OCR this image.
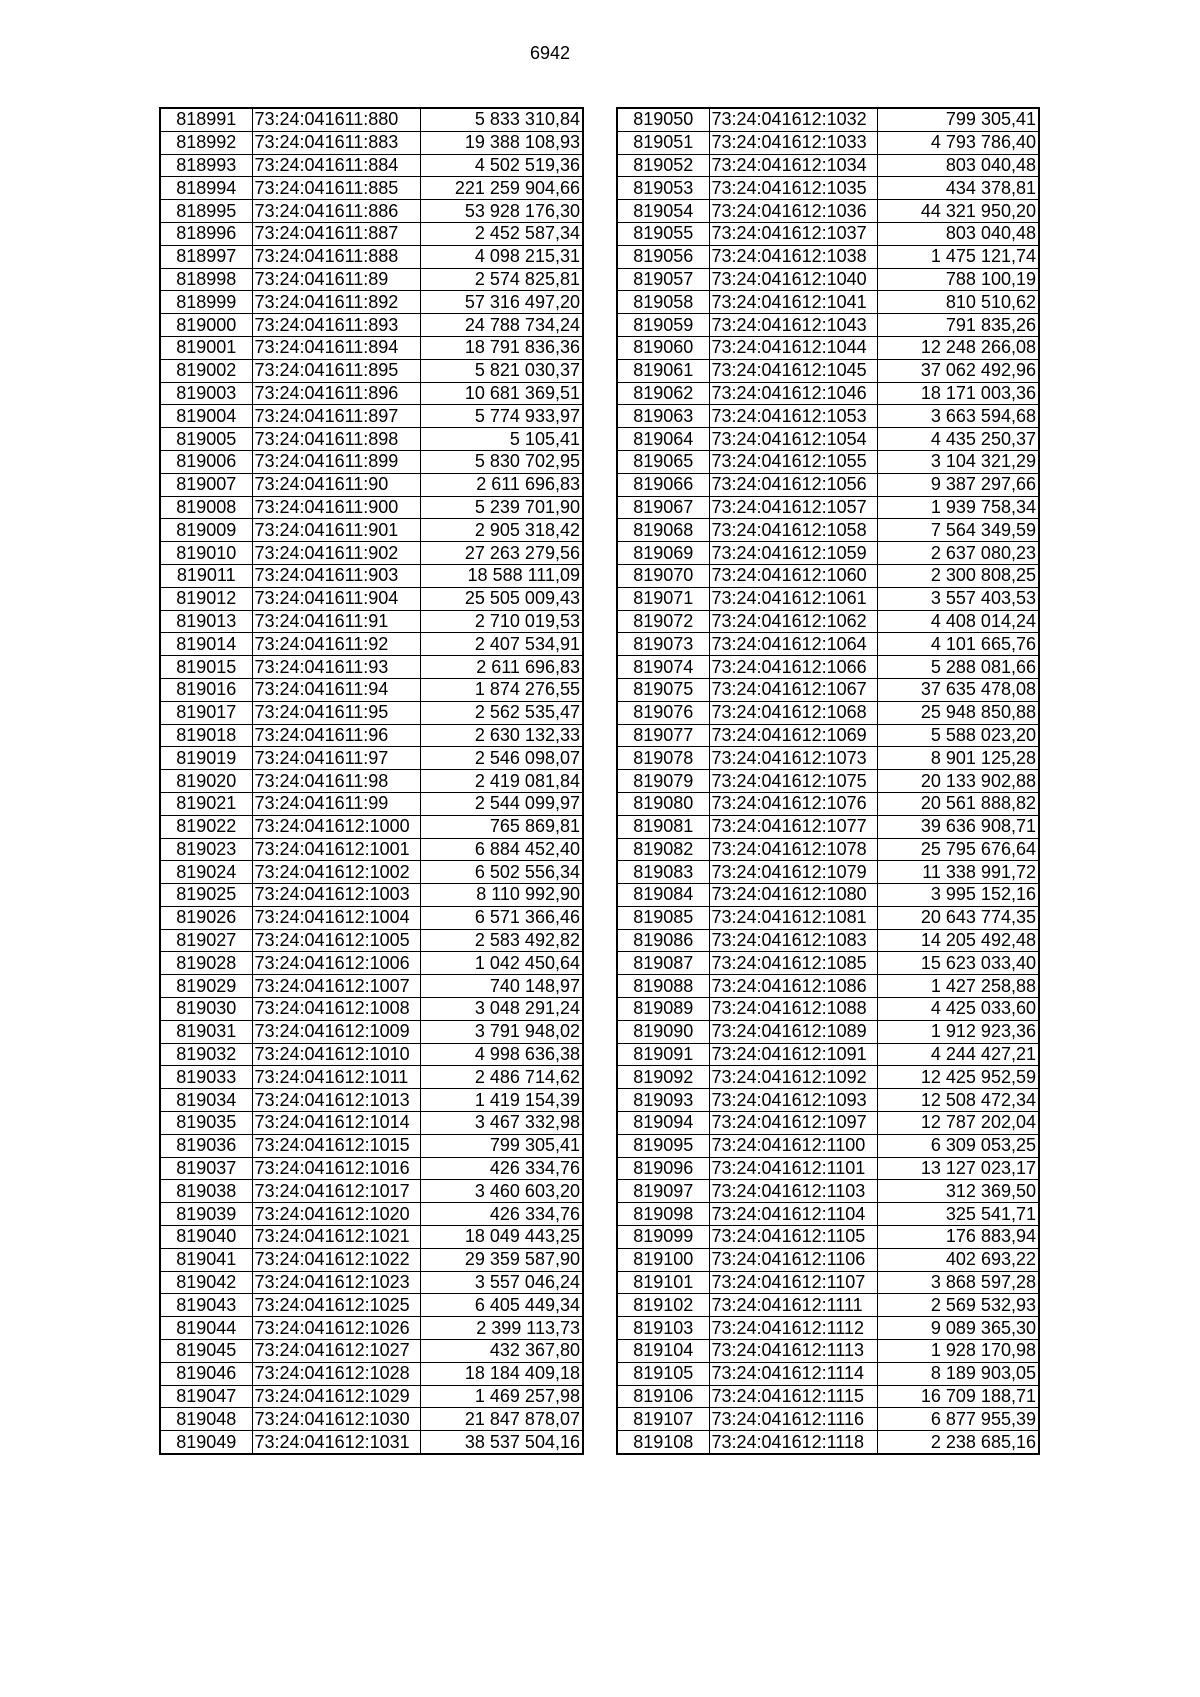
6942
818991	73:24:041611:880	5 833 310,84
818992	73:24:041611:883	19 388 108,93
818993	73:24:041611:884	4 502 519,36
818994	73:24:041611:885	221 259 904,66
818995	73:24:041611:886	53 928 176,30
818996	73:24:041611:887	2 452 587,34
818997	73:24:041611:888	4 098 215,31
818998	73:24:041611:89	2 574 825,81
818999	73:24:041611:892	57 316 497,20
819000	73:24:041611:893	24 788 734,24
819001	73:24:041611:894	18 791 836,36
819002	73:24:041611:895	5 821 030,37
819003	73:24:041611:896	10 681 369,51
819004	73:24:041611:897	5 774 933,97
819005	73:24:041611:898	5 105,41
819006	73:24:041611:899	5 830 702,95
819007	73:24:041611:90	2 611 696,83
819008	73:24:041611:900	5 239 701,90
819009	73:24:041611:901	2 905 318,42
819010	73:24:041611:902	27 263 279,56
819011	73:24:041611:903	18 588 111,09
819012	73:24:041611:904	25 505 009,43
819013	73:24:041611:91	2 710 019,53
819014	73:24:041611:92	2 407 534,91
819015	73:24:041611:93	2 611 696,83
819016	73:24:041611:94	1 874 276,55
819017	73:24:041611:95	2 562 535,47
819018	73:24:041611:96	2 630 132,33
819019	73:24:041611:97	2 546 098,07
819020	73:24:041611:98	2 419 081,84
819021	73:24:041611:99	2 544 099,97
819022	73:24:041612:1000	765 869,81
819023	73:24:041612:1001	6 884 452,40
819024	73:24:041612:1002	6 502 556,34
819025	73:24:041612:1003	8 110 992,90
819026	73:24:041612:1004	6 571 366,46
819027	73:24:041612:1005	2 583 492,82
819028	73:24:041612:1006	1 042 450,64
819029	73:24:041612:1007	740 148,97
819030	73:24:041612:1008	3 048 291,24
819031	73:24:041612:1009	3 791 948,02
819032	73:24:041612:1010	4 998 636,38
819033	73:24:041612:1011	2 486 714,62
819034	73:24:041612:1013	1 419 154,39
819035	73:24:041612:1014	3 467 332,98
819036	73:24:041612:1015	799 305,41
819037	73:24:041612:1016	426 334,76
819038	73:24:041612:1017	3 460 603,20
819039	73:24:041612:1020	426 334,76
819040	73:24:041612:1021	18 049 443,25
819041	73:24:041612:1022	29 359 587,90
819042	73:24:041612:1023	3 557 046,24
819043	73:24:041612:1025	6 405 449,34
819044	73:24:041612:1026	2 399 113,73
819045	73:24:041612:1027	432 367,80
819046	73:24:041612:1028	18 184 409,18
819047	73:24:041612:1029	1 469 257,98
819048	73:24:041612:1030	21 847 878,07
819049	73:24:041612:1031	38 537 504,16
819050	73:24:041612:1032	799 305,41
819051	73:24:041612:1033	4 793 786,40
819052	73:24:041612:1034	803 040,48
819053	73:24:041612:1035	434 378,81
819054	73:24:041612:1036	44 321 950,20
819055	73:24:041612:1037	803 040,48
819056	73:24:041612:1038	1 475 121,74
819057	73:24:041612:1040	788 100,19
819058	73:24:041612:1041	810 510,62
819059	73:24:041612:1043	791 835,26
819060	73:24:041612:1044	12 248 266,08
819061	73:24:041612:1045	37 062 492,96
819062	73:24:041612:1046	18 171 003,36
819063	73:24:041612:1053	3 663 594,68
819064	73:24:041612:1054	4 435 250,37
819065	73:24:041612:1055	3 104 321,29
819066	73:24:041612:1056	9 387 297,66
819067	73:24:041612:1057	1 939 758,34
819068	73:24:041612:1058	7 564 349,59
819069	73:24:041612:1059	2 637 080,23
819070	73:24:041612:1060	2 300 808,25
819071	73:24:041612:1061	3 557 403,53
819072	73:24:041612:1062	4 408 014,24
819073	73:24:041612:1064	4 101 665,76
819074	73:24:041612:1066	5 288 081,66
819075	73:24:041612:1067	37 635 478,08
819076	73:24:041612:1068	25 948 850,88
819077	73:24:041612:1069	5 588 023,20
819078	73:24:041612:1073	8 901 125,28
819079	73:24:041612:1075	20 133 902,88
819080	73:24:041612:1076	20 561 888,82
819081	73:24:041612:1077	39 636 908,71
819082	73:24:041612:1078	25 795 676,64
819083	73:24:041612:1079	11 338 991,72
819084	73:24:041612:1080	3 995 152,16
819085	73:24:041612:1081	20 643 774,35
819086	73:24:041612:1083	14 205 492,48
819087	73:24:041612:1085	15 623 033,40
819088	73:24:041612:1086	1 427 258,88
819089	73:24:041612:1088	4 425 033,60
819090	73:24:041612:1089	1 912 923,36
819091	73:24:041612:1091	4 244 427,21
819092	73:24:041612:1092	12 425 952,59
819093	73:24:041612:1093	12 508 472,34
819094	73:24:041612:1097	12 787 202,04
819095	73:24:041612:1100	6 309 053,25
819096	73:24:041612:1101	13 127 023,17
819097	73:24:041612:1103	312 369,50
819098	73:24:041612:1104	325 541,71
819099	73:24:041612:1105	176 883,94
819100	73:24:041612:1106	402 693,22
819101	73:24:041612:1107	3 868 597,28
819102	73:24:041612:1111	2 569 532,93
819103	73:24:041612:1112	9 089 365,30
819104	73:24:041612:1113	1 928 170,98
819105	73:24:041612:1114	8 189 903,05
819106	73:24:041612:1115	16 709 188,71
819107	73:24:041612:1116	6 877 955,39
819108	73:24:041612:1118	2 238 685,16
